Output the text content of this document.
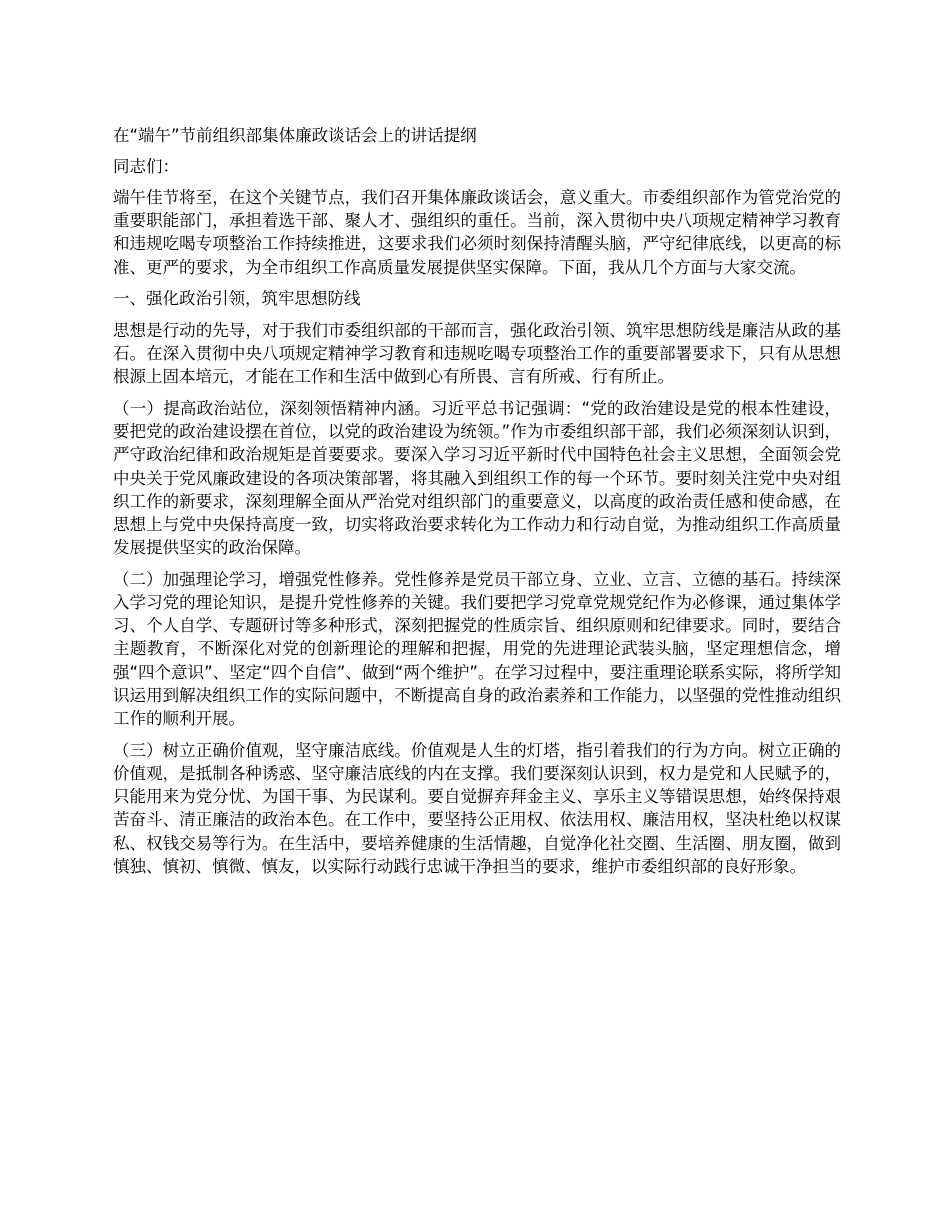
在“端午”节前组织部集体廉政谈话会上的讲话提纲
同志们：

端午佳节将至，在这个关键节点，我们召开集体廉政谈话会，意义重大。市委组织部作为管党治党的重要职能部门，承担着选干部、聚人才、强组织的重任。当前，深入贯彻中央八项规定精神学习教育和违规吃喝专项整治工作持续推进，这要求我们必须时刻保持清醒头脑，严守纪律底线，以更高的标准、更严的要求，为全市组织工作高质量发展提供坚实保障。下面，我从几个方面与大家交流。

一、强化政治引领，筑牢思想防线

思想是行动的先导，对于我们市委组织部的干部而言，强化政治引领、筑牢思想防线是廉洁从政的基石。在深入贯彻中央八项规定精神学习教育和违规吃喝专项整治工作的重要部署要求下，只有从思想根源上固本培元，才能在工作和生活中做到心有所畏、言有所戒、行有所止。

（一）提高政治站位，深刻领悟精神内涵。习近平总书记强调：“党的政治建设是党的根本性建设，要把党的政治建设摆在首位，以党的政治建设为统领。”作为市委组织部干部，我们必须深刻认识到，严守政治纪律和政治规矩是首要要求。要深入学习习近平新时代中国特色社会主义思想，全面领会党中央关于党风廉政建设的各项决策部署，将其融入到组织工作的每一个环节。要时刻关注党中央对组织工作的新要求，深刻理解全面从严治党对组织部门的重要意义，以高度的政治责任感和使命感，在思想上与党中央保持高度一致，切实将政治要求转化为工作动力和行动自觉，为推动组织工作高质量发展提供坚实的政治保障。

（二）加强理论学习，增强党性修养。党性修养是党员干部立身、立业、立言、立德的基石。持续深入学习党的理论知识，是提升党性修养的关键。我们要把学习党章党规党纪作为必修课，通过集体学习、个人自学、专题研讨等多种形式，深刻把握党的性质宗旨、组织原则和纪律要求。同时，要结合主题教育，不断深化对党的创新理论的理解和把握，用党的先进理论武装头脑，坚定理想信念，增强“四个意识”、坚定“四个自信”、做到“两个维护”。在学习过程中，要注重理论联系实际，将所学知识运用到解决组织工作的实际问题中，不断提高自身的政治素养和工作能力，以坚强的党性推动组织工作的顺利开展。

（三）树立正确价值观，坚守廉洁底线。价值观是人生的灯塔，指引着我们的行为方向。树立正确的价值观，是抵制各种诱惑、坚守廉洁底线的内在支撑。我们要深刻认识到，权力是党和人民赋予的，只能用来为党分忧、为国干事、为民谋利。要自觉摒弃拜金主义、享乐主义等错误思想，始终保持艰苦奋斗、清正廉洁的政治本色。在工作中，要坚持公正用权、依法用权、廉洁用权，坚决杜绝以权谋私、权钱交易等行为。在生活中，要培养健康的生活情趣，自觉净化社交圈、生活圈、朋友圈，做到慎独、慎初、慎微、慎友，以实际行动践行忠诚干净担当的要求，维护市委组织部的良好形象。
